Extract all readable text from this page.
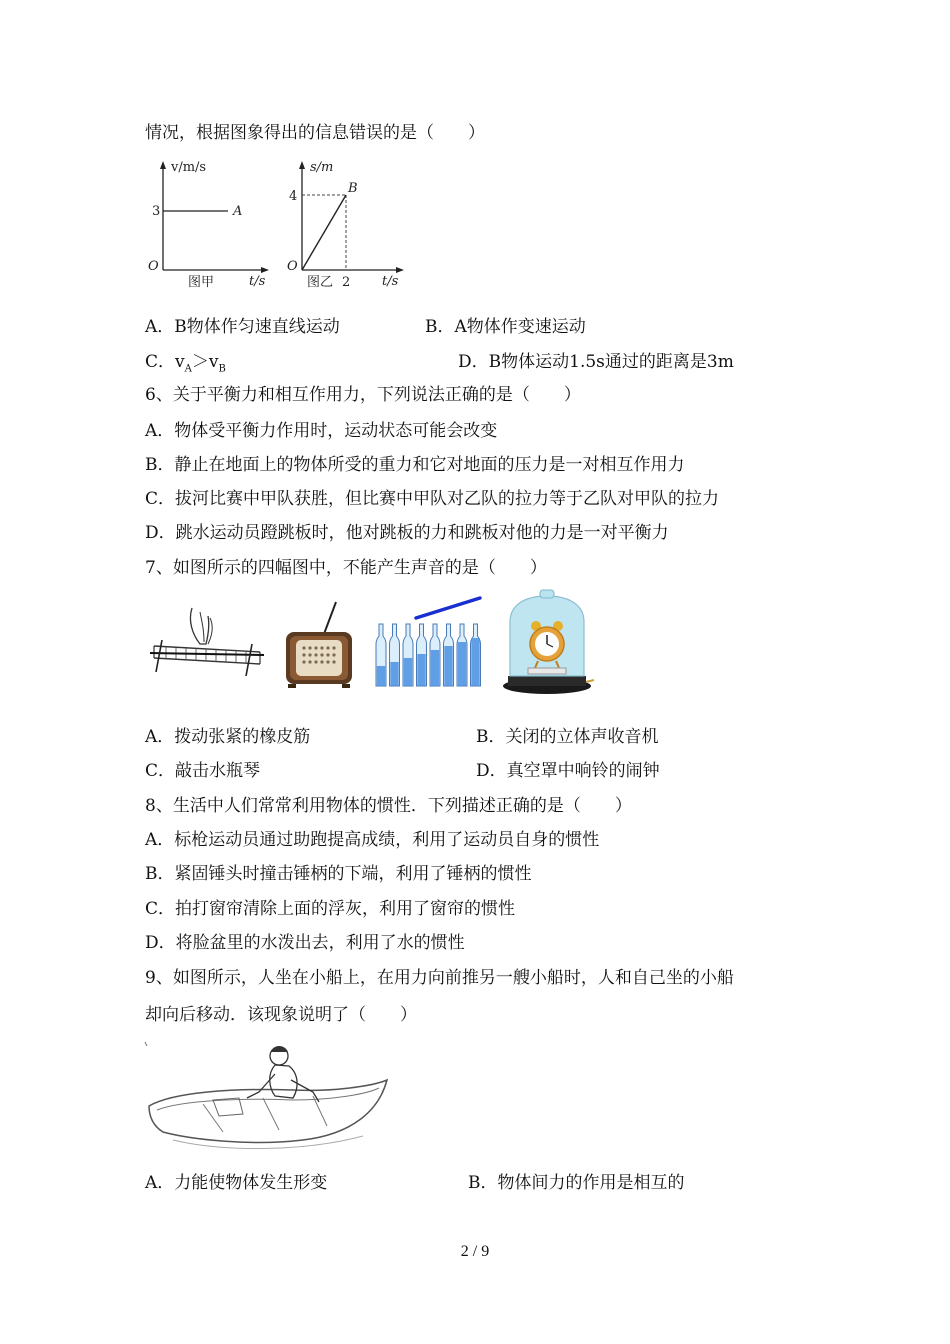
情况，根据图象得出的信息错误的是（　　）
v/m/s
3	A
O
图甲	t/s
s/m
4
B
O
图乙 2 t/s
A．B物体作匀速直线运动	B．A物体作变速运动
C．$v_A>v_B$	D．B物体运动1.5s通过的距离是3m
6、关于平衡力和相互作用力，下列说法正确的是（　　）
A．物体受平衡力作用时，运动状态可能会改变
B．静止在地面上的物体所受的重力和它对地面的压力是一对相互作用力
C．拔河比赛中甲队获胜，但比赛中甲队对乙队的拉力等于乙队对甲队的拉力
D．跳水运动员蹬跳板时，他对跳板的力和跳板对他的力是一对平衡力
7、如图所示的四幅图中，不能产生声音的是（　　）
A．拨动张紧的橡皮筋	B．关闭的立体声收音机
C．敲击水瓶琴	D．真空罩中响铃的闹钟
8、生活中人们常常利用物体的惯性．下列描述正确的是（　　）
A．标枪运动员通过助跑提高成绩，利用了运动员自身的惯性
B．紧固锤头时撞击锤柄的下端，利用了锤柄的惯性
C．拍打窗帘清除上面的浮灰，利用了窗帘的惯性
D．将脸盆里的水泼出去，利用了水的惯性
9、如图所示，人坐在小船上，在用力向前推另一艘小船时，人和自己坐的小船
却向后移动．该现象说明了（　　）
A．力能使物体发生形变	B．物体间力的作用是相互的
2 / 9
